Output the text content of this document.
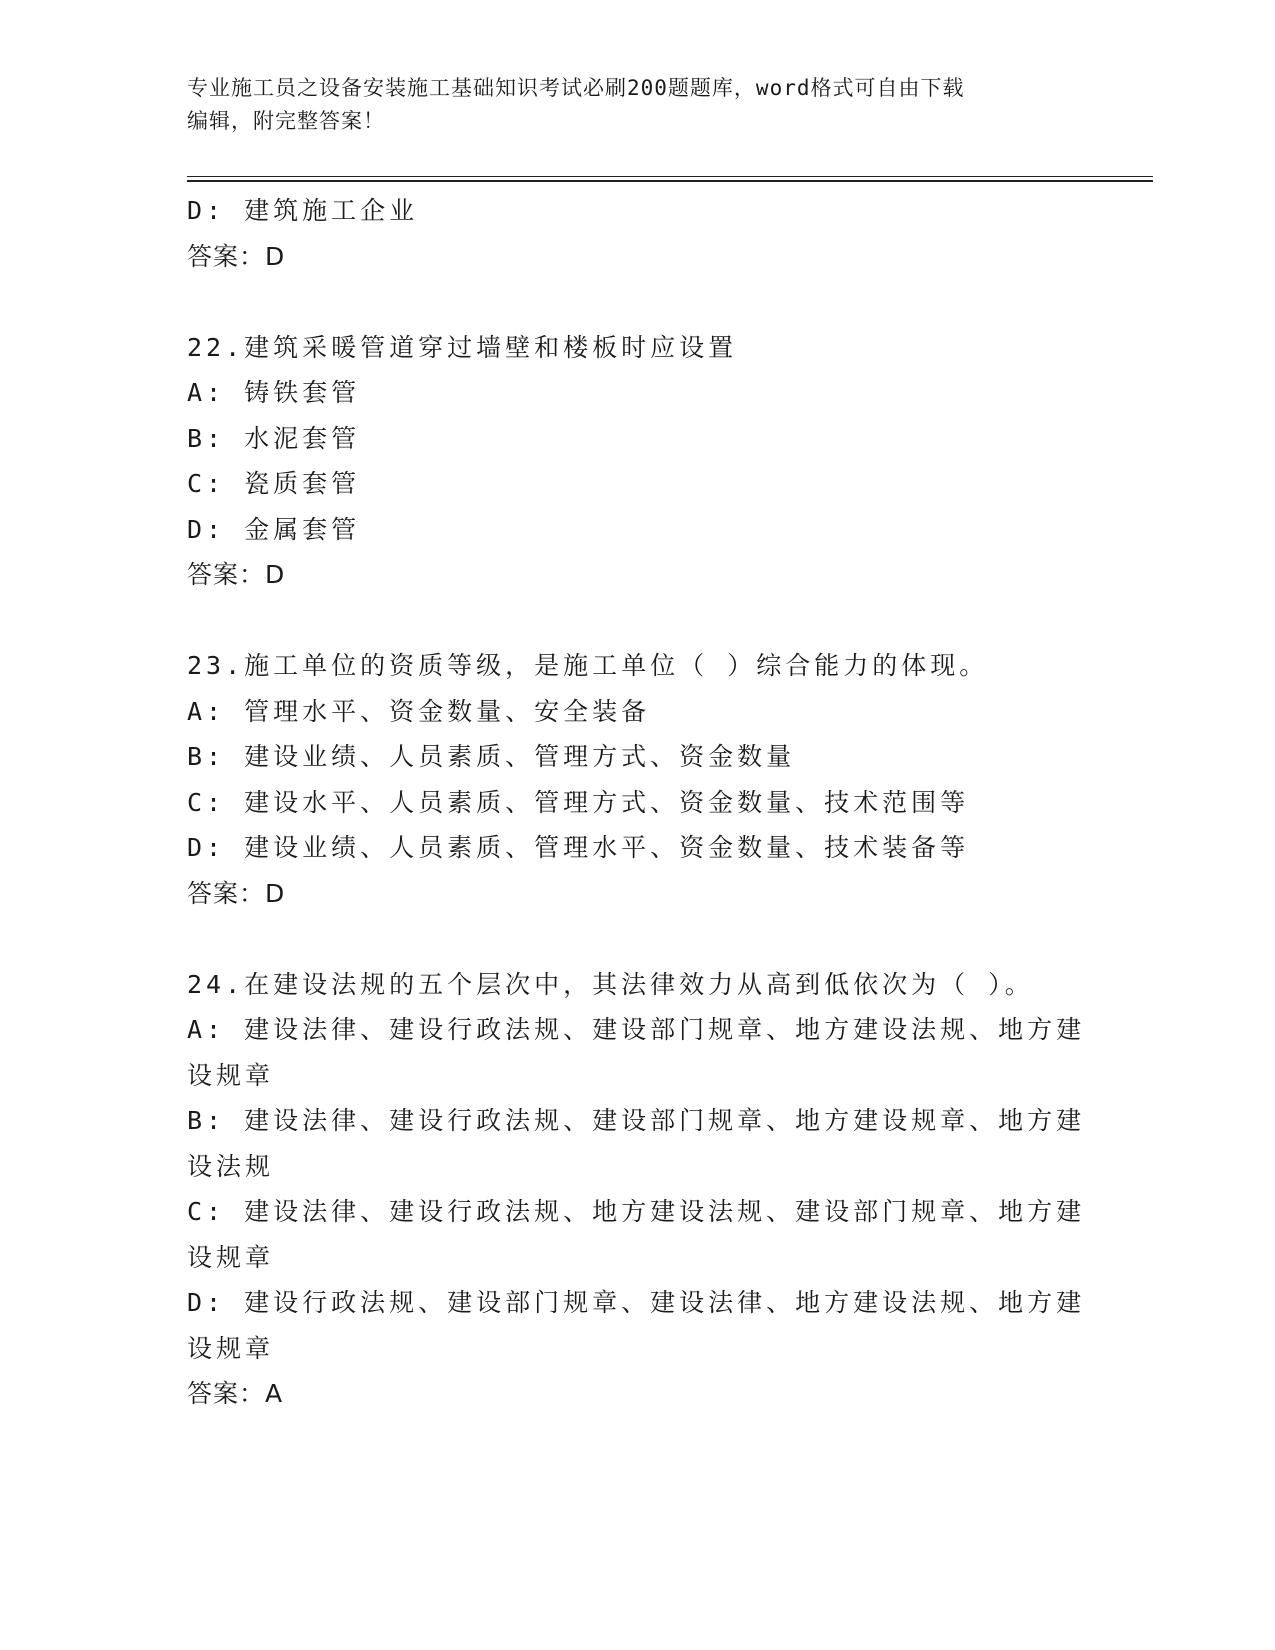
专业施工员之设备安装施工基础知识考试必刷200题题库，word格式可自由下载
编辑，附完整答案！
D: 建筑施工企业
答案：D
22.建筑采暖管道穿过墙壁和楼板时应设置
A: 铸铁套管
B: 水泥套管
C: 瓷质套管
D: 金属套管
答案：D
23.施工单位的资质等级，是施工单位（ ）综合能力的体现。
A: 管理水平、资金数量、安全装备
B: 建设业绩、人员素质、管理方式、资金数量
C: 建设水平、人员素质、管理方式、资金数量、技术范围等
D: 建设业绩、人员素质、管理水平、资金数量、技术装备等
答案：D
24.在建设法规的五个层次中，其法律效力从高到低依次为（ ）。
A: 建设法律、建设行政法规、建设部门规章、地方建设法规、地方建
设规章
B: 建设法律、建设行政法规、建设部门规章、地方建设规章、地方建
设法规
C: 建设法律、建设行政法规、地方建设法规、建设部门规章、地方建
设规章
D: 建设行政法规、建设部门规章、建设法律、地方建设法规、地方建
设规章
答案：A
